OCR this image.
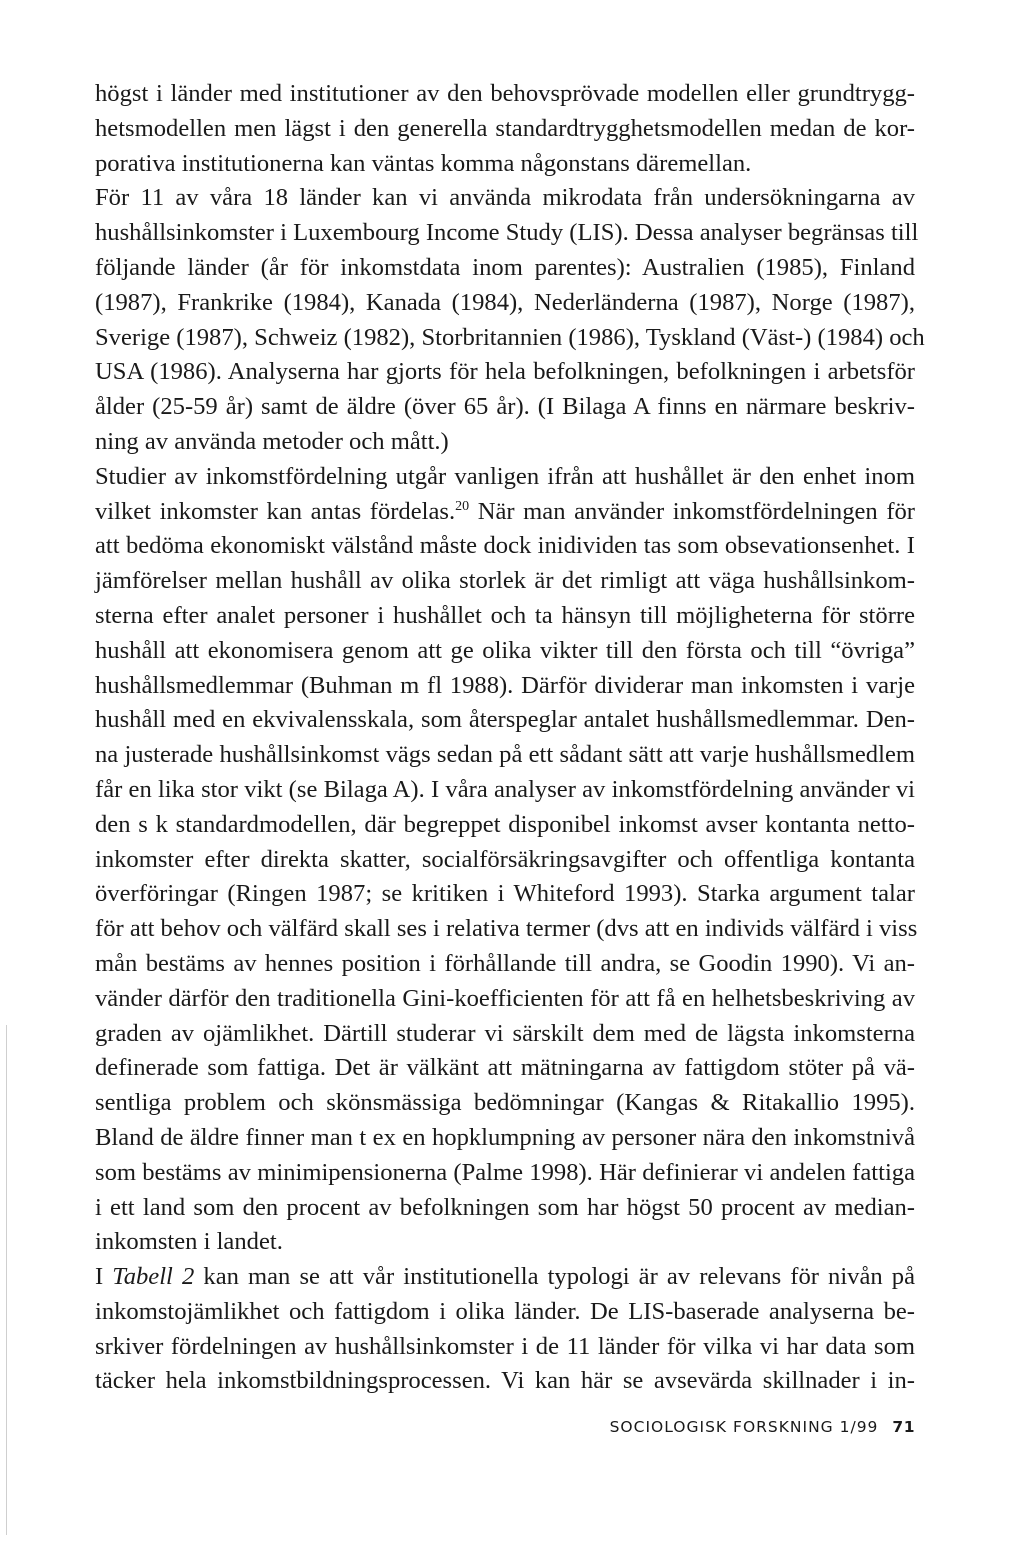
högst i länder med institutioner av den behovsprövade modellen eller grundtrygg-
hetsmodellen men lägst i den generella standardtrygghetsmodellen medan de kor-
porativa institutionerna kan väntas komma någonstans däremellan.
För 11 av våra 18 länder kan vi använda mikrodata från undersökningarna av
hushållsinkomster i Luxembourg Income Study (LIS). Dessa analyser begränsas till
följande länder (år för inkomstdata inom parentes): Australien (1985), Finland
(1987), Frankrike (1984), Kanada (1984), Nederländerna (1987), Norge (1987),
Sverige (1987), Schweiz (1982), Storbritannien (1986), Tyskland (Väst-) (1984) och
USA (1986). Analyserna har gjorts för hela befolkningen, befolkningen i arbetsför
ålder (25-59 år) samt de äldre (över 65 år). (I Bilaga A finns en närmare beskriv-
ning av använda metoder och mått.)
Studier av inkomstfördelning utgår vanligen ifrån att hushållet är den enhet inom
vilket inkomster kan antas fördelas.$^{20}$ När man använder inkomstfördelningen för
att bedöma ekonomiskt välstånd måste dock inidividen tas som obsevationsenhet. I
jämförelser mellan hushåll av olika storlek är det rimligt att väga hushållsinkom-
sterna efter analet personer i hushållet och ta hänsyn till möjligheterna för större
hushåll att ekonomisera genom att ge olika vikter till den första och till “övriga”
hushållsmedlemmar (Buhman m fl 1988). Därför dividerar man inkomsten i varje
hushåll med en ekvivalensskala, som återspeglar antalet hushållsmedlemmar. Den-
na justerade hushållsinkomst vägs sedan på ett sådant sätt att varje hushållsmedlem
får en lika stor vikt (se Bilaga A). I våra analyser av inkomstfördelning använder vi
den s k standardmodellen, där begreppet disponibel inkomst avser kontanta netto-
inkomster efter direkta skatter, socialförsäkringsavgifter och offentliga kontanta
överföringar (Ringen 1987; se kritiken i Whiteford 1993). Starka argument talar
för att behov och välfärd skall ses i relativa termer (dvs att en individs välfärd i viss
mån bestäms av hennes position i förhållande till andra, se Goodin 1990). Vi an-
vänder därför den traditionella Gini-koefficienten för att få en helhetsbeskriving av
graden av ojämlikhet. Därtill studerar vi särskilt dem med de lägsta inkomsterna
definerade som fattiga. Det är välkänt att mätningarna av fattigdom stöter på vä-
sentliga problem och skönsmässiga bedömningar (Kangas & Ritakallio 1995).
Bland de äldre finner man t ex en hopklumpning av personer nära den inkomstnivå
som bestäms av minimipensionerna (Palme 1998). Här definierar vi andelen fattiga
i ett land som den procent av befolkningen som har högst 50 procent av median-
inkomsten i landet.
I Tabell 2 kan man se att vår institutionella typologi är av relevans för nivån på
inkomstojämlikhet och fattigdom i olika länder. De LIS-baserade analyserna be-
srkiver fördelningen av hushållsinkomster i de 11 länder för vilka vi har data som
täcker hela inkomstbildningsprocessen. Vi kan här se avsevärda skillnader i in-
SOCIOLOGISK FORSKNING 1/99 71
